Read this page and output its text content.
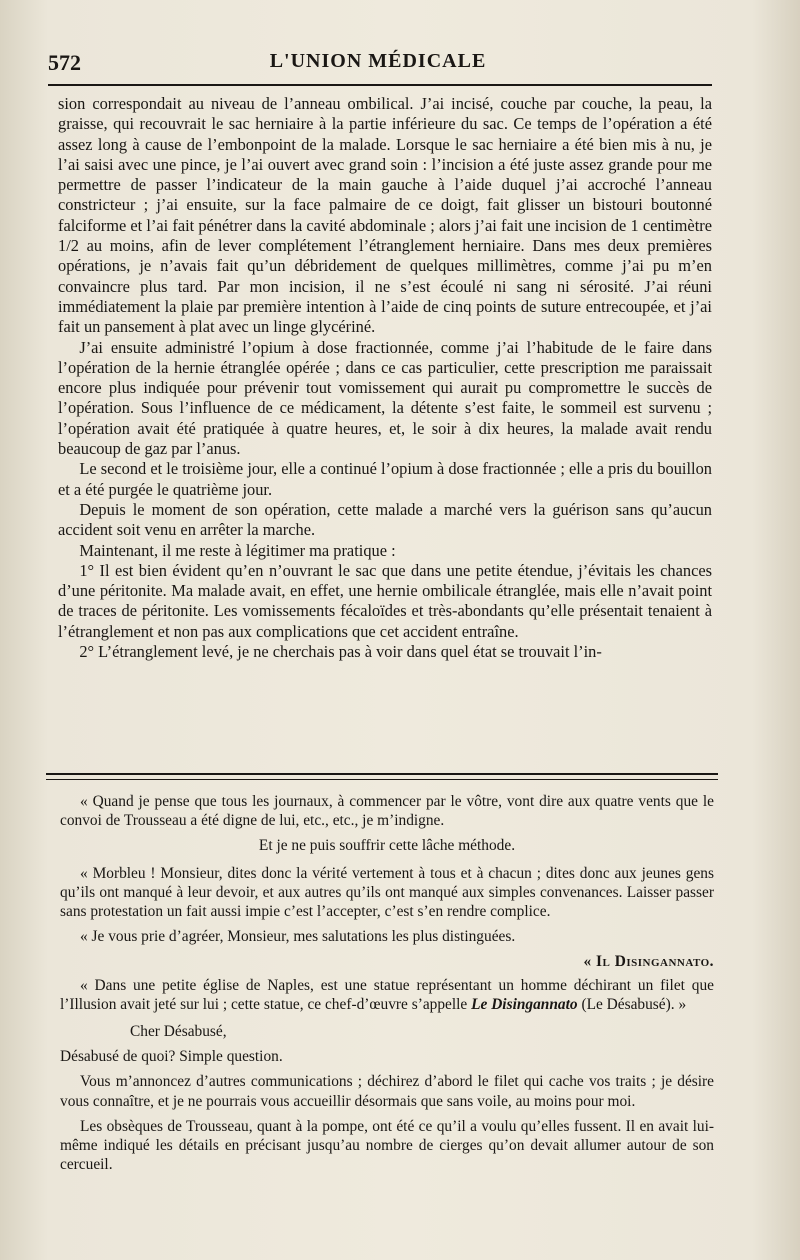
572	L'UNION MÉDICALE

sion correspondait au niveau de l’anneau ombilical. J’ai incisé, couche par couche, la peau, la graisse, qui recouvrait le sac herniaire à la partie inférieure du sac. Ce temps de l’opération a été assez long à cause de l’embonpoint de la malade. Lorsque le sac herniaire a été bien mis à nu, je l’ai saisi avec une pince, je l’ai ouvert avec grand soin : l’incision a été juste assez grande pour me permettre de passer l’indicateur de la main gauche à l’aide duquel j’ai accroché l’anneau constricteur ; j’ai ensuite, sur la face palmaire de ce doigt, fait glisser un bistouri boutonné falciforme et l’ai fait pénétrer dans la cavité abdominale ; alors j’ai fait une incision de 1 centimètre 1/2 au moins, afin de lever complétement l’étranglement herniaire. Dans mes deux premières opérations, je n’avais fait qu’un débridement de quelques millimètres, comme j’ai pu m’en convaincre plus tard. Par mon incision, il ne s’est écoulé ni sang ni sérosité. J’ai réuni immédiatement la plaie par première intention à l’aide de cinq points de suture entrecoupée, et j’ai fait un pansement à plat avec un linge glycériné.

J’ai ensuite administré l’opium à dose fractionnée, comme j’ai l’habitude de le faire dans l’opération de la hernie étranglée opérée ; dans ce cas particulier, cette prescription me paraissait encore plus indiquée pour prévenir tout vomissement qui aurait pu compromettre le succès de l’opération. Sous l’influence de ce médicament, la détente s’est faite, le sommeil est survenu ; l’opération avait été pratiquée à quatre heures, et, le soir à dix heures, la malade avait rendu beaucoup de gaz par l’anus.

Le second et le troisième jour, elle a continué l’opium à dose fractionnée ; elle a pris du bouillon et a été purgée le quatrième jour.

Depuis le moment de son opération, cette malade a marché vers la guérison sans qu’aucun accident soit venu en arrêter la marche.

Maintenant, il me reste à légitimer ma pratique :

1° Il est bien évident qu’en n’ouvrant le sac que dans une petite étendue, j’évitais les chances d’une péritonite. Ma malade avait, en effet, une hernie ombilicale étranglée, mais elle n’avait point de traces de péritonite. Les vomissements fécaloïdes et très-abondants qu’elle présentait tenaient à l’étranglement et non pas aux complications que cet accident entraîne.

2° L’étranglement levé, je ne cherchais pas à voir dans quel état se trouvait l’in-

« Quand je pense que tous les journaux, à commencer par le vôtre, vont dire aux quatre vents que le convoi de Trousseau a été digne de lui, etc., etc., je m’indigne.

Et je ne puis souffrir cette lâche méthode.

« Morbleu ! Monsieur, dites donc la vérité vertement à tous et à chacun ; dites donc aux jeunes gens qu’ils ont manqué à leur devoir, et aux autres qu’ils ont manqué aux simples convenances. Laisser passer sans protestation un fait aussi impie c’est l’accepter, c’est s’en rendre complice.

« Je vous prie d’agréer, Monsieur, mes salutations les plus distinguées.

« Il Disingannato.

« Dans une petite église de Naples, est une statue représentant un homme déchirant un filet que l’Illusion avait jeté sur lui ; cette statue, ce chef-d’œuvre s’appelle Le Disingannato (Le Désabusé). »

Cher Désabusé,

Désabusé de quoi? Simple question.

Vous m’annoncez d’autres communications ; déchirez d’abord le filet qui cache vos traits ; je désire vous connaître, et je ne pourrais vous accueillir désormais que sans voile, au moins pour moi.

Les obsèques de Trousseau, quant à la pompe, ont été ce qu’il a voulu qu’elles fussent. Il en avait lui-même indiqué les détails en précisant jusqu’au nombre de cierges qu’on devait allumer autour de son cercueil.
